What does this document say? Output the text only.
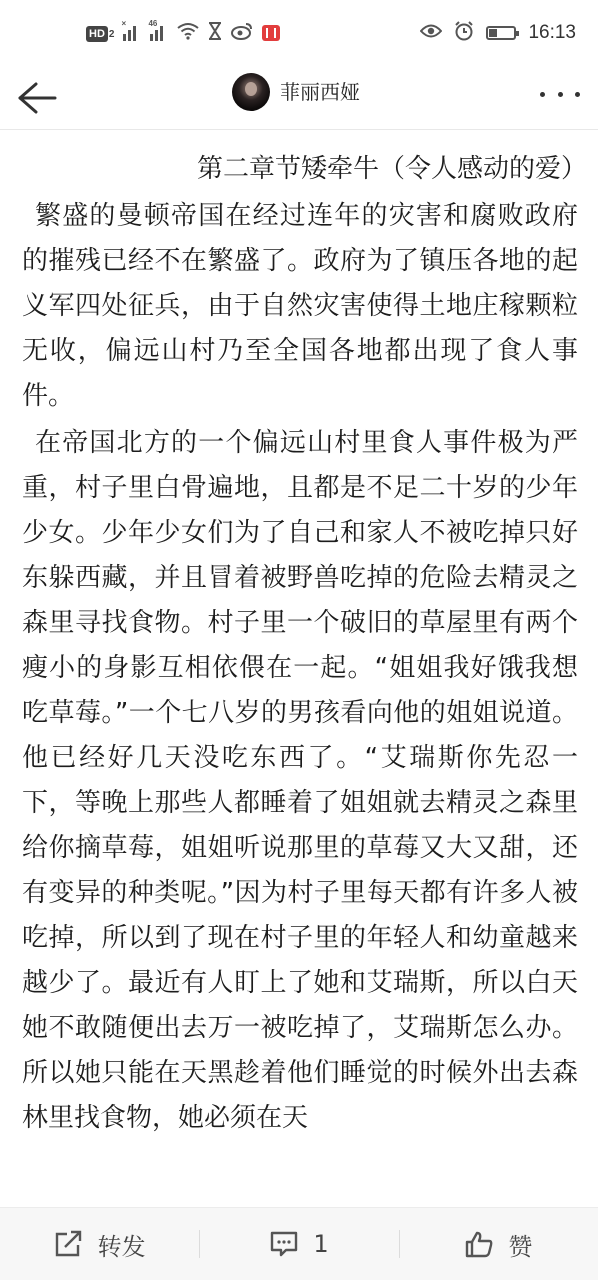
HD 2
×	46	16:13
菲丽西娅

第二章节矮牵牛（令人感动的爱）

繁盛的曼顿帝国在经过连年的灾害和腐败政府的摧残已经不在繁盛了。政府为了镇压各地的起义军四处征兵，由于自然灾害使得土地庄稼颗粒无收，偏远山村乃至全国各地都出现了食人事件。

在帝国北方的一个偏远山村里食人事件极为严重，村子里白骨遍地，且都是不足二十岁的少年少女。少年少女们为了自己和家人不被吃掉只好东躲西藏，并且冒着被野兽吃掉的危险去精灵之森里寻找食物。村子里一个破旧的草屋里有两个瘦小的身影互相依偎在一起。“姐姐我好饿我想吃草莓。”一个七八岁的男孩看向他的姐姐说道。他已经好几天没吃东西了。“艾瑞斯你先忍一下，等晚上那些人都睡着了姐姐就去精灵之森里给你摘草莓，姐姐听说那里的草莓又大又甜，还有变异的种类呢。”因为村子里每天都有许多人被吃掉，所以到了现在村子里的年轻人和幼童越来越少了。最近有人盯上了她和艾瑞斯，所以白天她不敢随便出去万一被吃掉了，艾瑞斯怎么办。所以她只能在天黑趁着他们睡觉的时候外出去森林里找食物，她必须在天

转发	1	赞
